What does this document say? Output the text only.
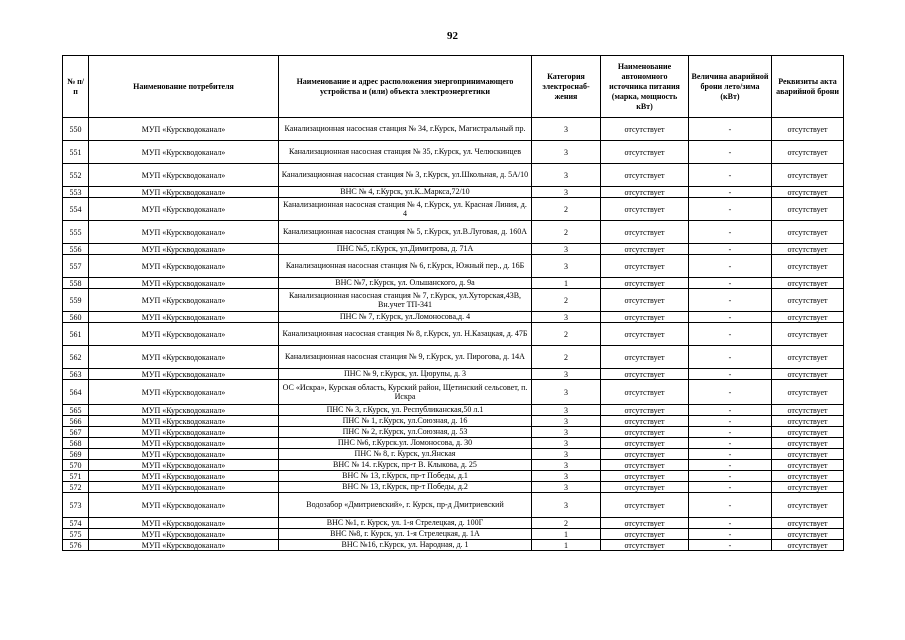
92
№ п/п	Наименование потребителя	Наименование и адрес расположения энергопринимающего устройства и (или) объекта электроэнергетики	Категория электроснаб-жения	Наименование автономного источника питания (марка, мощность кВт)	Величина аварийной брони лето/зима (кВт)	Реквизиты акта аварийной брони
550	МУП «Курскводоканал»	Канализационная насосная станция № 34, г.Курск, Магистральный пр.	3	отсутствует	-	отсутствует
551	МУП «Курскводоканал»	Канализационная насосная станция № 35, г.Курск, ул. Челюскинцев	3	отсутствует	-	отсутствует
552	МУП «Курскводоканал»	Канализационная насосная станция № 3, г.Курск, ул.Школьная, д. 5А/10	3	отсутствует	-	отсутствует
553	МУП «Курскводоканал»	ВНС № 4, г.Курск, ул.К..Маркса,72/10	3	отсутствует	-	отсутствует
554	МУП «Курскводоканал»	Канализационная насосная станция № 4, г.Курск, ул. Красная Линия, д. 4	2	отсутствует	-	отсутствует
555	МУП «Курскводоканал»	Канализационная насосная станция № 5, г.Курск, ул.В.Луговая, д. 160А	2	отсутствует	-	отсутствует
556	МУП «Курскводоканал»	ПНС №5, г.Курск, ул.Димитрова, д. 71А	3	отсутствует	-	отсутствует
557	МУП «Курскводоканал»	Канализационная насосная станция № 6, г.Курск, Южный пер., д. 16Б	3	отсутствует	-	отсутствует
558	МУП «Курскводоканал»	ВНС №7, г.Курск, ул. Ольшанского, д. 9а	1	отсутствует	-	отсутствует
559	МУП «Курскводоканал»	Канализационная насосная станция № 7, г.Курск, ул.Хуторская,43В, Вн.учет ТП-341	2	отсутствует	-	отсутствует
560	МУП «Курскводоканал»	ПНС № 7, г.Курск, ул.Ломоносова,д. 4	3	отсутствует	-	отсутствует
561	МУП «Курскводоканал»	Канализационная насосная станция № 8, г.Курск, ул. Н.Казацкая, д. 47Б	2	отсутствует	-	отсутствует
562	МУП «Курскводоканал»	Канализационная насосная станция № 9, г.Курск, ул. Пирогова, д. 14А	2	отсутствует	-	отсутствует
563	МУП «Курскводоканал»	ПНС № 9, г.Курск, ул. Цюрупы, д. 3	3	отсутствует	-	отсутствует
564	МУП «Курскводоканал»	ОС «Искра», Курская область, Курский район, Щетинский сельсовет, п. Искра	3	отсутствует	-	отсутствует
565	МУП «Курскводоканал»	ПНС № 3, г.Курск, ул. Республиканская,50 л.1	3	отсутствует	-	отсутствует
566	МУП «Курскводоканал»	ПНС № 1, г.Курск, ул.Союзная, д. 16	3	отсутствует	-	отсутствует
567	МУП «Курскводоканал»	ПНС № 2, г.Курск, ул.Союзная, д. 53	3	отсутствует	-	отсутствует
568	МУП «Курскводоканал»	ПНС №6, г.Курск.ул. Ломоносова, д. 30	3	отсутствует	-	отсутствует
569	МУП «Курскводоканал»	ПНС № 8, г. Курск, ул.Янская	3	отсутствует	-	отсутствует
570	МУП «Курскводоканал»	ВНС № 14. г.Курск, пр-т В. Клыкова, д. 25	3	отсутствует	-	отсутствует
571	МУП «Курскводоканал»	ВНС № 13, г.Курск, пр-т Победы, д.1	3	отсутствует	-	отсутствует
572	МУП «Курскводоканал»	ВНС № 13, г.Курск, пр-т Победы, д.2	3	отсутствует	-	отсутствует
573	МУП «Курскводоканал»	Водозабор «Дмитриевский», г. Курск, пр-д Дмитриевский	3	отсутствует	-	отсутствует
574	МУП «Курскводоканал»	ВНС №1, г. Курск, ул. 1-я Стрелецкая, д. 100Г	2	отсутствует	-	отсутствует
575	МУП «Курскводоканал»	ВНС №8, г. Курск, ул. 1-я Стрелецкая, д. 1А	1	отсутствует	-	отсутствует
576	МУП «Курскводоканал»	ВНС №16, г.Курск, ул. Народная, д. 1	1	отсутствует	-	отсутствует
